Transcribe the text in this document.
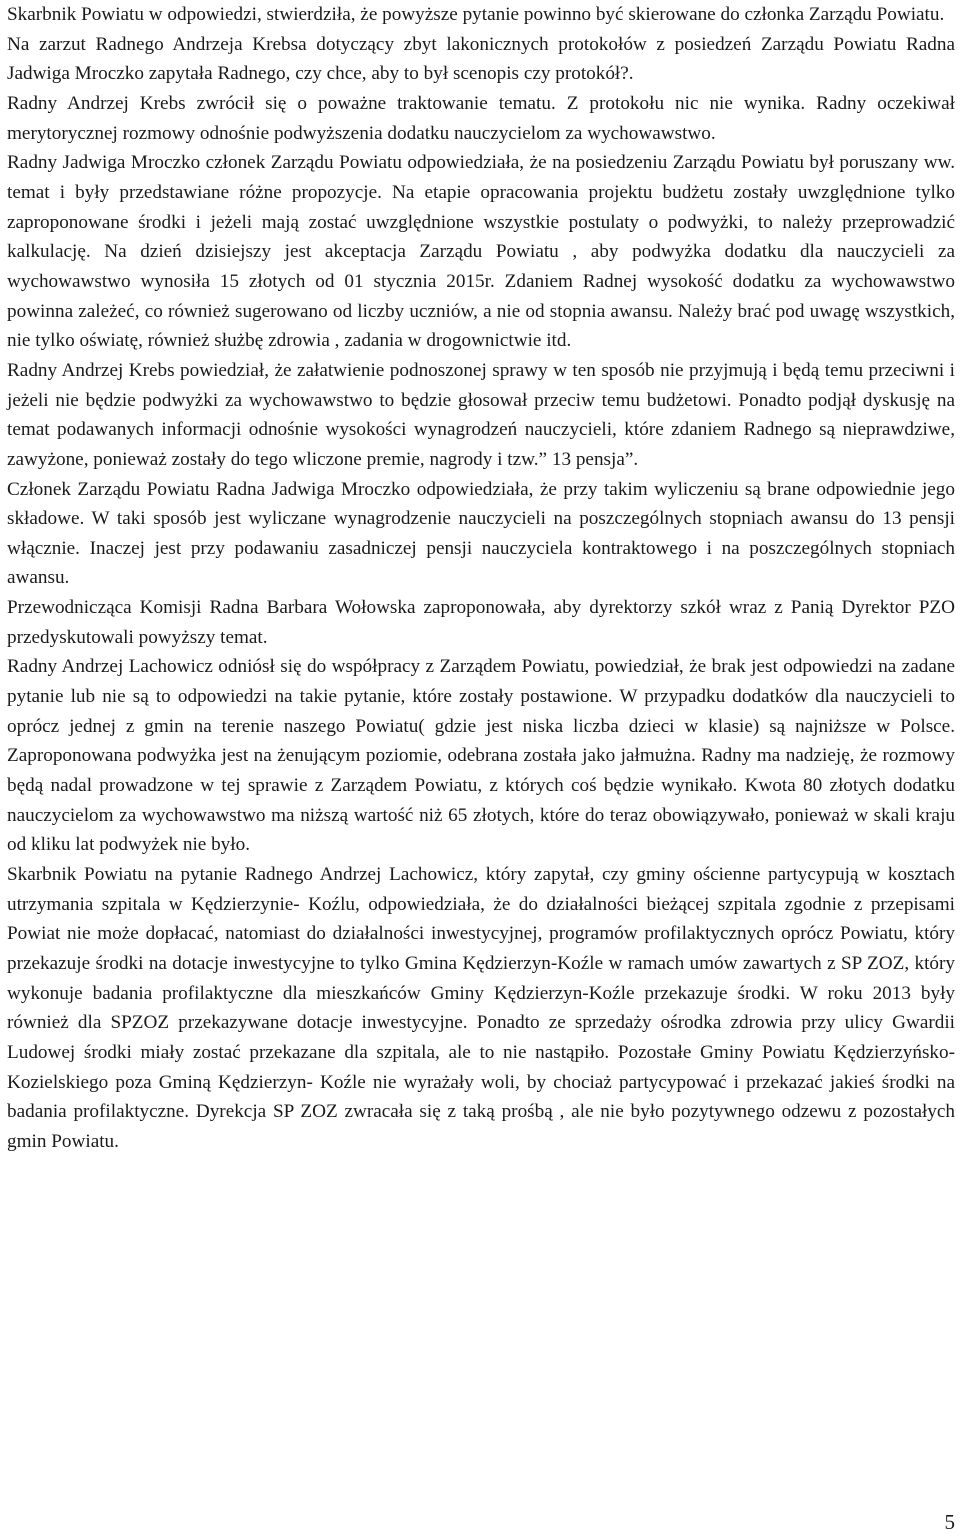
Skarbnik Powiatu w odpowiedzi, stwierdziła, że powyższe pytanie powinno być skierowane do członka Zarządu Powiatu.

Na zarzut Radnego Andrzeja Krebsa dotyczący zbyt lakonicznych protokołów z posiedzeń Zarządu Powiatu Radna Jadwiga Mroczko zapytała Radnego, czy chce, aby to był scenopis czy protokół?.

Radny Andrzej Krebs zwrócił się o poważne traktowanie tematu. Z protokołu nic nie wynika. Radny oczekiwał merytorycznej rozmowy odnośnie podwyższenia dodatku nauczycielom za wychowawstwo.

Radny Jadwiga Mroczko członek Zarządu Powiatu odpowiedziała, że na posiedzeniu Zarządu Powiatu był poruszany ww. temat i były przedstawiane różne propozycje. Na etapie opracowania projektu budżetu zostały uwzględnione tylko zaproponowane środki i jeżeli mają zostać uwzględnione wszystkie postulaty o podwyżki, to należy przeprowadzić kalkulację. Na dzień dzisiejszy jest akceptacja Zarządu Powiatu , aby podwyżka dodatku dla nauczycieli za wychowawstwo wynosiła 15 złotych od 01 stycznia 2015r. Zdaniem Radnej wysokość dodatku za wychowawstwo powinna zależeć, co również sugerowano od liczby uczniów, a nie od stopnia awansu. Należy brać pod uwagę wszystkich, nie tylko oświatę, również służbę zdrowia , zadania w drogownictwie itd.

Radny Andrzej Krebs powiedział, że załatwienie podnoszonej sprawy w ten sposób nie przyjmują i będą temu przeciwni i jeżeli nie będzie podwyżki za wychowawstwo to będzie głosował przeciw temu budżetowi. Ponadto podjął dyskusję na temat podawanych informacji odnośnie wysokości wynagrodzeń nauczycieli, które zdaniem Radnego są nieprawdziwe, zawyżone, ponieważ zostały do tego wliczone premie, nagrody i tzw.” 13 pensja”.

Członek Zarządu Powiatu Radna Jadwiga Mroczko odpowiedziała, że przy takim wyliczeniu są brane odpowiednie jego składowe. W taki sposób jest wyliczane wynagrodzenie nauczycieli na poszczególnych stopniach awansu do 13 pensji włącznie. Inaczej jest przy podawaniu zasadniczej pensji nauczyciela kontraktowego i na poszczególnych stopniach awansu.

Przewodnicząca Komisji Radna Barbara Wołowska zaproponowała, aby dyrektorzy szkół wraz z Panią Dyrektor PZO przedyskutowali powyższy temat.

Radny Andrzej Lachowicz odniósł się do współpracy z Zarządem Powiatu, powiedział, że brak jest odpowiedzi na zadane pytanie lub nie są to odpowiedzi na takie pytanie, które zostały postawione. W przypadku dodatków dla nauczycieli to oprócz jednej z gmin na terenie naszego Powiatu( gdzie jest niska liczba dzieci w klasie) są najniższe w Polsce. Zaproponowana podwyżka jest na żenującym poziomie, odebrana została jako jałmużna. Radny ma nadzieję, że rozmowy będą nadal prowadzone w tej sprawie z Zarządem Powiatu, z których coś będzie wynikało. Kwota 80 złotych dodatku nauczycielom za wychowawstwo ma niższą wartość niż 65 złotych, które do teraz obowiązywało, ponieważ w skali kraju od kliku lat podwyżek nie było.

Skarbnik Powiatu na pytanie Radnego Andrzej Lachowicz, który zapytał, czy gminy ościenne partycypują w kosztach utrzymania szpitala w Kędzierzynie- Koźlu, odpowiedziała, że do działalności bieżącej szpitala zgodnie z przepisami Powiat nie może dopłacać, natomiast do działalności inwestycyjnej, programów profilaktycznych oprócz Powiatu, który przekazuje środki na dotacje inwestycyjne to tylko Gmina Kędzierzyn-Koźle w ramach umów zawartych z SP ZOZ, który wykonuje badania profilaktyczne dla mieszkańców Gminy Kędzierzyn-Koźle przekazuje środki. W roku 2013 były również dla SPZOZ przekazywane dotacje inwestycyjne. Ponadto ze sprzedaży ośrodka zdrowia przy ulicy Gwardii Ludowej środki miały zostać przekazane dla szpitala, ale to nie nastąpiło. Pozostałe Gminy Powiatu Kędzierzyńsko- Kozielskiego poza Gminą Kędzierzyn- Koźle nie wyrażały woli, by chociaż partycypować i przekazać jakieś środki na badania profilaktyczne. Dyrekcja SP ZOZ zwracała się z taką prośbą , ale nie było pozytywnego odzewu z pozostałych gmin Powiatu.

5
